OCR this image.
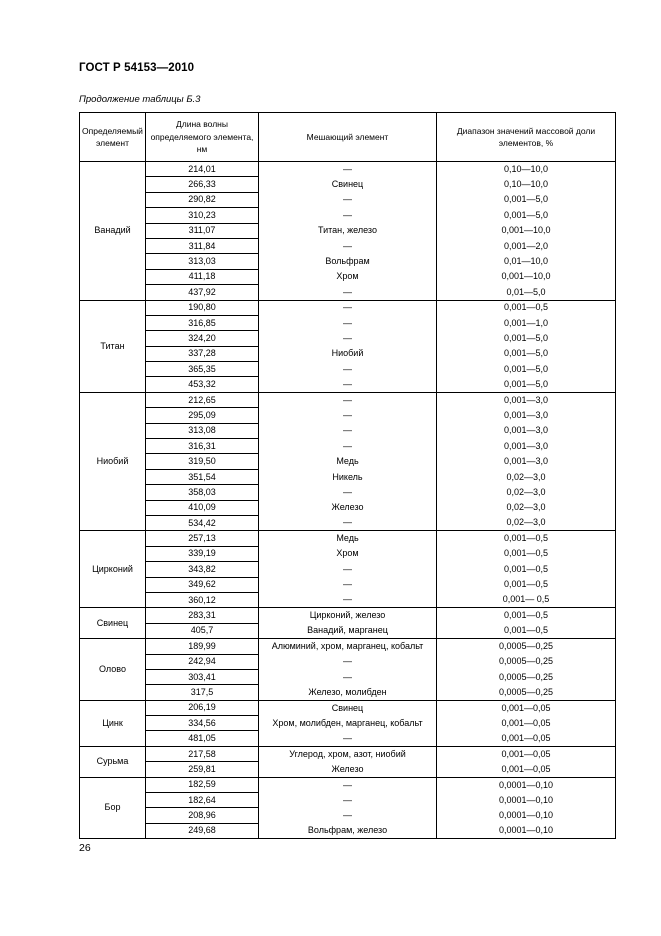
ГОСТ Р 54153—2010
Продолжение таблицы Б.3
Определяемый элемент	Длина волны определяемого элемента, нм	Мешающий элемент	Диапазон значений массовой доли элементов, %
Ванадий	214,01	—	0,10—10,0
	266,33	Свинец	0,10—10,0
	290,82	—	0,001—5,0
	310,23	—	0,001—5,0
	311,07	Титан, железо	0,001—10,0
	311,84	—	0,001—2,0
	313,03	Вольфрам	0,01—10,0
	411,18	Хром	0,001—10,0
	437,92	—	0,01—5,0
Титан	190,80	—	0,001—0,5
	316,85	—	0,001—1,0
	324,20	—	0,001—5,0
	337,28	Ниобий	0,001—5,0
	365,35	—	0,001—5,0
	453,32	—	0,001—5,0
Ниобий	212,65	—	0,001—3,0
	295,09	—	0,001—3,0
	313,08	—	0,001—3,0
	316,31	—	0,001—3,0
	319,50	Медь	0,001—3,0
	351,54	Никель	0,02—3,0
	358,03	—	0,02—3,0
	410,09	Железо	0,02—3,0
	534,42	—	0,02—3,0
Цирконий	257,13	Медь	0,001—0,5
	339,19	Хром	0,001—0,5
	343,82	—	0,001—0,5
	349,62	—	0,001—0,5
	360,12	—	0,001— 0,5
Свинец	283,31	Цирконий, железо	0,001—0,5
	405,7	Ванадий, марганец	0,001—0,5
Олово	189,99	Алюминий, хром, марганец, кобальт	0,0005—0,25
	242,94	—	0,0005—0,25
	303,41	—	0,0005—0,25
	317,5	Железо, молибден	0,0005—0,25
Цинк	206,19	Свинец	0,001—0,05
	334,56	Хром, молибден, марганец, кобальт	0,001—0,05
	481,05	—	0,001—0,05
Сурьма	217,58	Углерод, хром, азот, ниобий	0,001—0,05
	259,81	Железо	0,001—0,05
Бор	182,59	—	0,0001—0,10
	182,64	—	0,0001—0,10
	208,96	—	0,0001—0,10
	249,68	Вольфрам, железо	0,0001—0,10
26
